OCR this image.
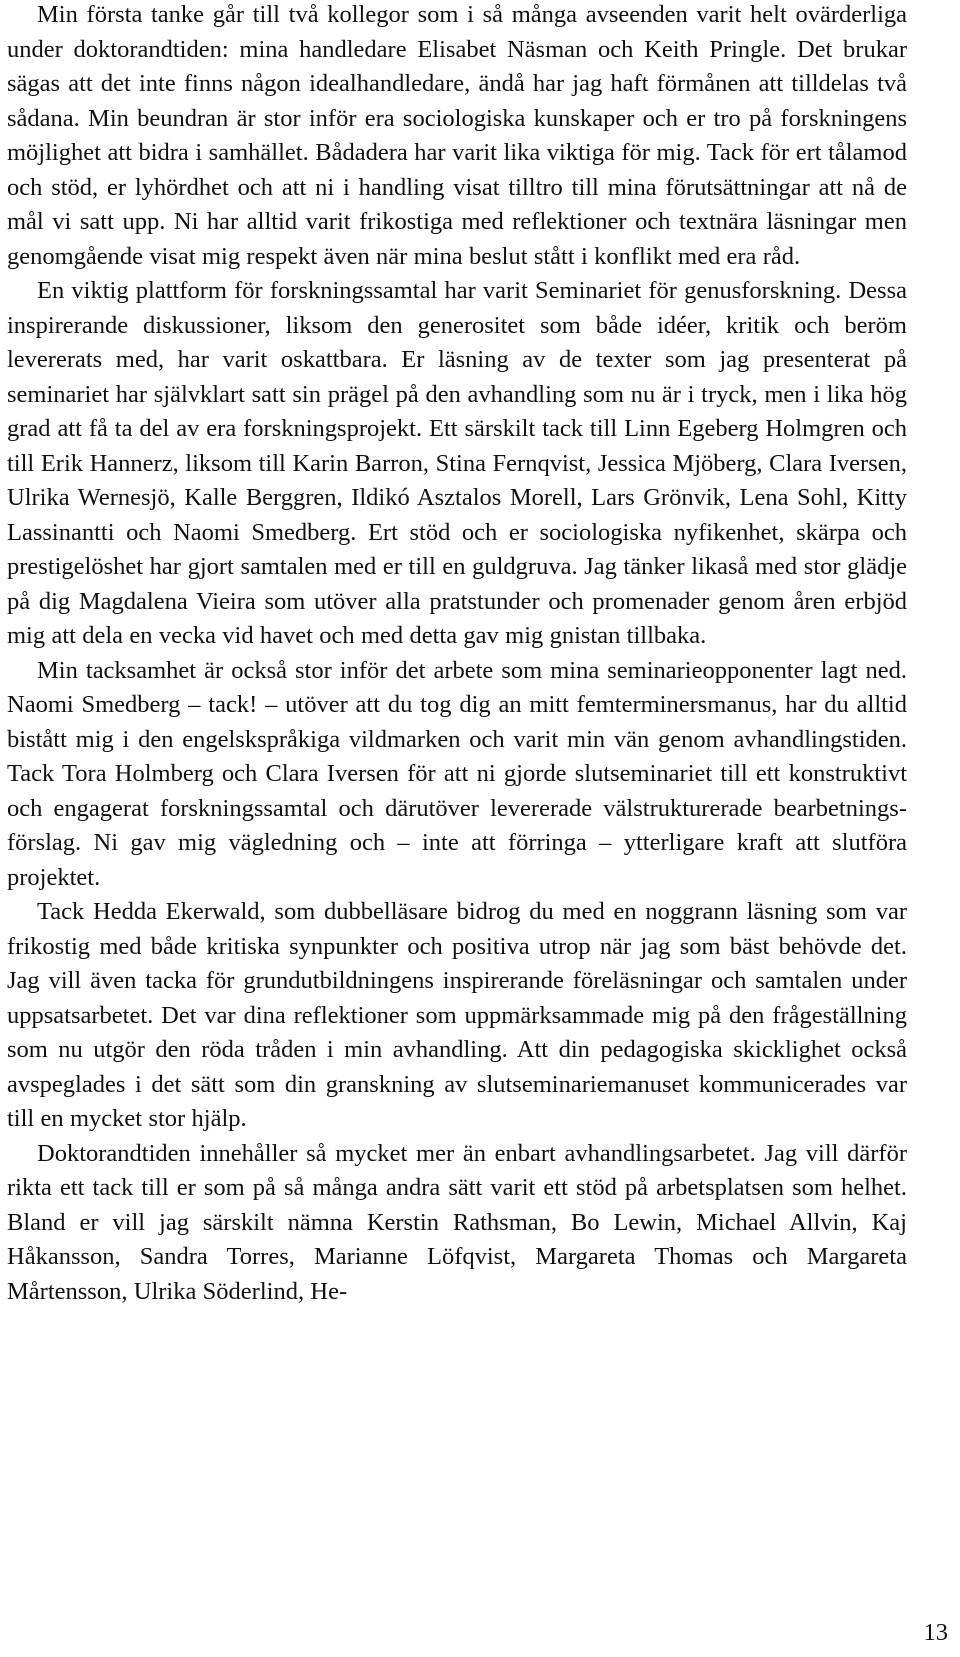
Min första tanke går till två kollegor som i så många avseenden varit helt ovärderliga under doktorandtiden: mina handledare Elisabet Näsman och Keith Pringle. Det brukar sägas att det inte finns någon idealhandledare, ändå har jag haft förmånen att tilldelas två sådana. Min beundran är stor inför era sociologiska kunskaper och er tro på forskningens möjlighet att bidra i samhället. Bådadera har varit lika viktiga för mig. Tack för ert tålamod och stöd, er lyhördhet och att ni i handling visat tilltro till mina förutsättningar att nå de mål vi satt upp. Ni har alltid varit frikostiga med reflektioner och textnära läsningar men genomgående visat mig respekt även när mina beslut stått i konflikt med era råd.

En viktig plattform för forskningssamtal har varit Seminariet för genusforskning. Dessa inspirerande diskussioner, liksom den generositet som både idéer, kritik och beröm levererats med, har varit oskattbara. Er läsning av de texter som jag presenterat på seminariet har självklart satt sin prägel på den avhandling som nu är i tryck, men i lika hög grad att få ta del av era forskningsprojekt. Ett särskilt tack till Linn Egeberg Holmgren och till Erik Hannerz, liksom till Karin Barron, Stina Fernqvist, Jessica Mjöberg, Clara Iversen, Ulrika Wernesjö, Kalle Berggren, Ildikó Asztalos Morell, Lars Grönvik, Lena Sohl, Kitty Lassinantti och Naomi Smedberg. Ert stöd och er sociologiska nyfikenhet, skärpa och prestigelöshet har gjort samtalen med er till en guldgruva. Jag tänker likaså med stor glädje på dig Magdalena Vieira som utöver alla pratstunder och promenader genom åren erbjöd mig att dela en vecka vid havet och med detta gav mig gnistan tillbaka.

Min tacksamhet är också stor inför det arbete som mina seminarieopponenter lagt ned. Naomi Smedberg – tack! – utöver att du tog dig an mitt femterminersmanus, har du alltid bistått mig i den engelskspråkiga vildmarken och varit min vän genom avhandlingstiden. Tack Tora Holmberg och Clara Iversen för att ni gjorde slutseminariet till ett konstruktivt och engagerat forskningssamtal och därutöver levererade välstrukturerade bearbetningsförslag. Ni gav mig vägledning och – inte att förringa – ytterligare kraft att slutföra projektet.

Tack Hedda Ekerwald, som dubbelläsare bidrog du med en noggrann läsning som var frikostig med både kritiska synpunkter och positiva utrop när jag som bäst behövde det. Jag vill även tacka för grundutbildningens inspirerande föreläsningar och samtalen under uppsatsarbetet. Det var dina reflektioner som uppmärksammade mig på den frågeställning som nu utgör den röda tråden i min avhandling. Att din pedagogiska skicklighet också avspeglades i det sätt som din granskning av slutseminariemanuset kommunicerades var till en mycket stor hjälp.

Doktorandtiden innehåller så mycket mer än enbart avhandlingsarbetet. Jag vill därför rikta ett tack till er som på så många andra sätt varit ett stöd på arbetsplatsen som helhet. Bland er vill jag särskilt nämna Kerstin Rathsman, Bo Lewin, Michael Allvin, Kaj Håkansson, Sandra Torres, Marianne Löfqvist, Margareta Thomas och Margareta Mårtensson, Ulrika Söderlind, He-

13
